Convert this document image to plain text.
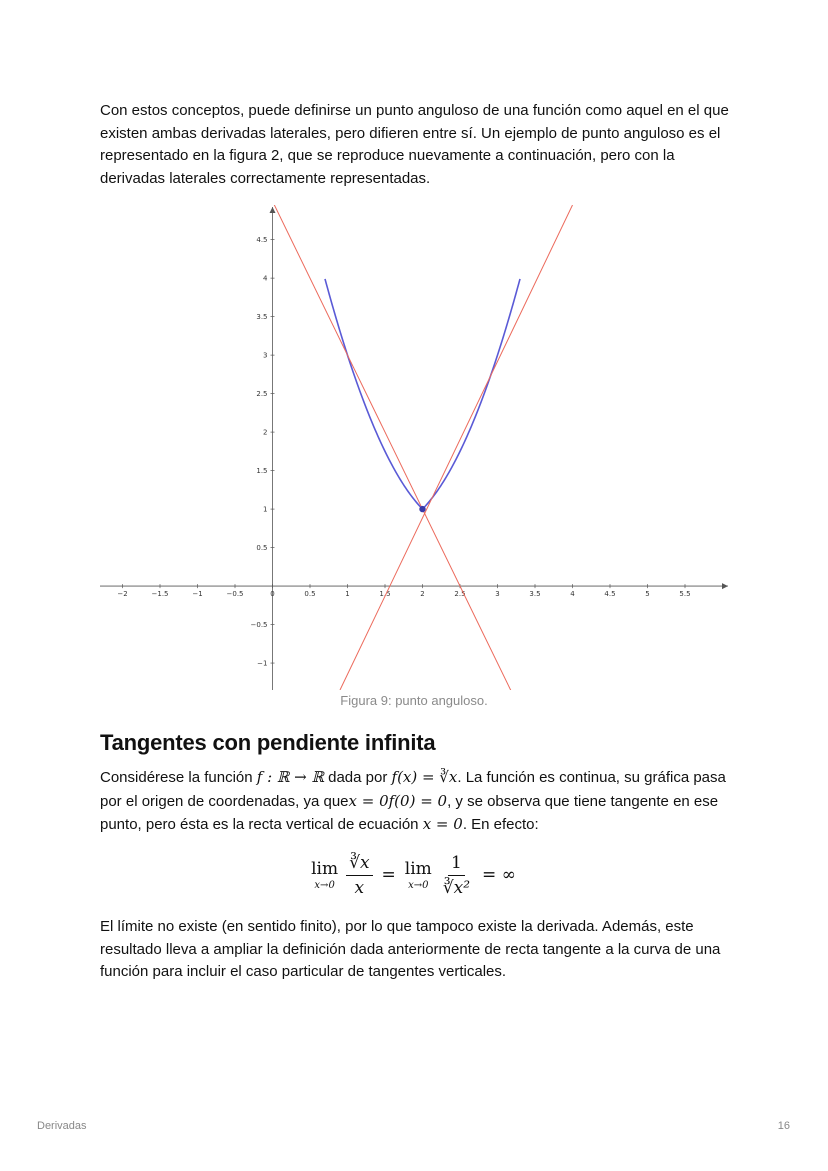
Con estos conceptos, puede definirse un punto anguloso de una función como aquel en el que existen ambas derivadas laterales, pero difieren entre sí. Un ejemplo de punto anguloso es el representado en la figura 2, que se reproduce nuevamente a continuación, pero con la derivadas laterales correctamente representadas.

−2	−1.5	−1	−0.5	0	0.5	1	1.5	2	2.5	3	3.5	4	4.5	5	5.5
−1
−0.5
0.5
1
1.5
2
2.5
3
3.5
4
4.5
Figura 9: punto anguloso.
Tangentes con pendiente infinita

Considérese la función f : ℝ → ℝ dada por f(x) = ∛x. La función es continua, su gráfica pasa por el origen de coordenadas, ya quex = 0f(0) = 0, y se observa que tiene tangente en ese punto, pero ésta es la recta vertical de ecuación x = 0. En efecto:

lim
$x\to 0 \frac{∛x}{x} = \lim$
$x\to 0 \frac{1}{\text{∛x²}}$ = ∞

El límite no existe (en sentido finito), por lo que tampoco existe la derivada. Además, este resultado lleva a ampliar la definición dada anteriormente de recta tangente a la curva de una función para incluir el caso particular de tangentes verticales.

Derivadas	16
